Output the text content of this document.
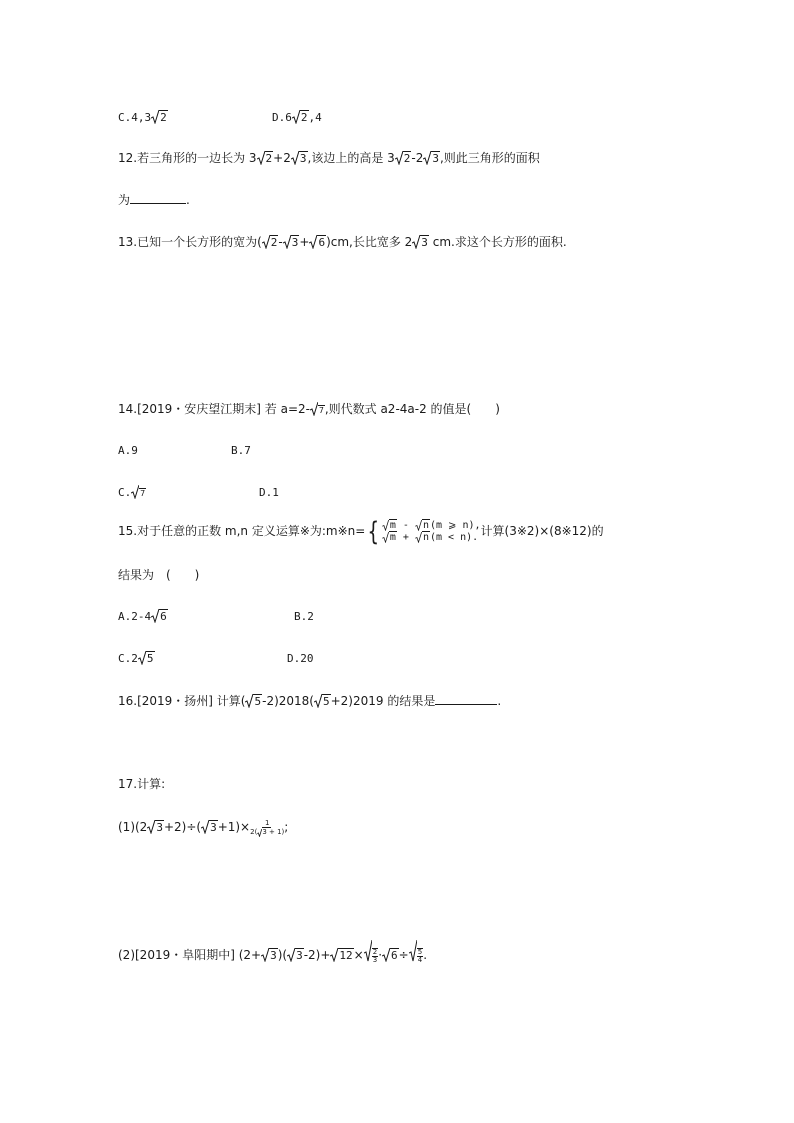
C.4,3 2	D.6 2,4
12.若三角形的一边长为 3 2+2 3,该边上的高是 3 2-2 3,则此三角形的面积
为	.
13.已知一个长方形的宽为( 2- 3+ 6)cm,长比宽多 2 3 cm.求这个长方形的面积.
14.[2019・安庆望江期末] 若 a=2- 7,则代数式 a2-4a-2 的值是(　　)
A.9	B.7
C. 7	D.1
15.对于任意的正数 m,n 定义运算※为:m※n={	m - n(m ⩾ n),
m + n(m < n). 计算(3※2)×(8※12)的
结果为　(　　)
A.2-4 6	B.2
C.2 5	D.20
16.[2019・扬州] 计算( 5-2)2018( 5+2)2019 的结果是	.
17.计算:
(1)(2 3+2)÷( $3+1)\times \frac{1}{2( 3 + 1)}$ ;
(2)[2019・阜阳期中] (2+ 3)( $3-2)+ 12\times \frac{2}{3} \cdot 6\div \frac{5}{4}$ .
